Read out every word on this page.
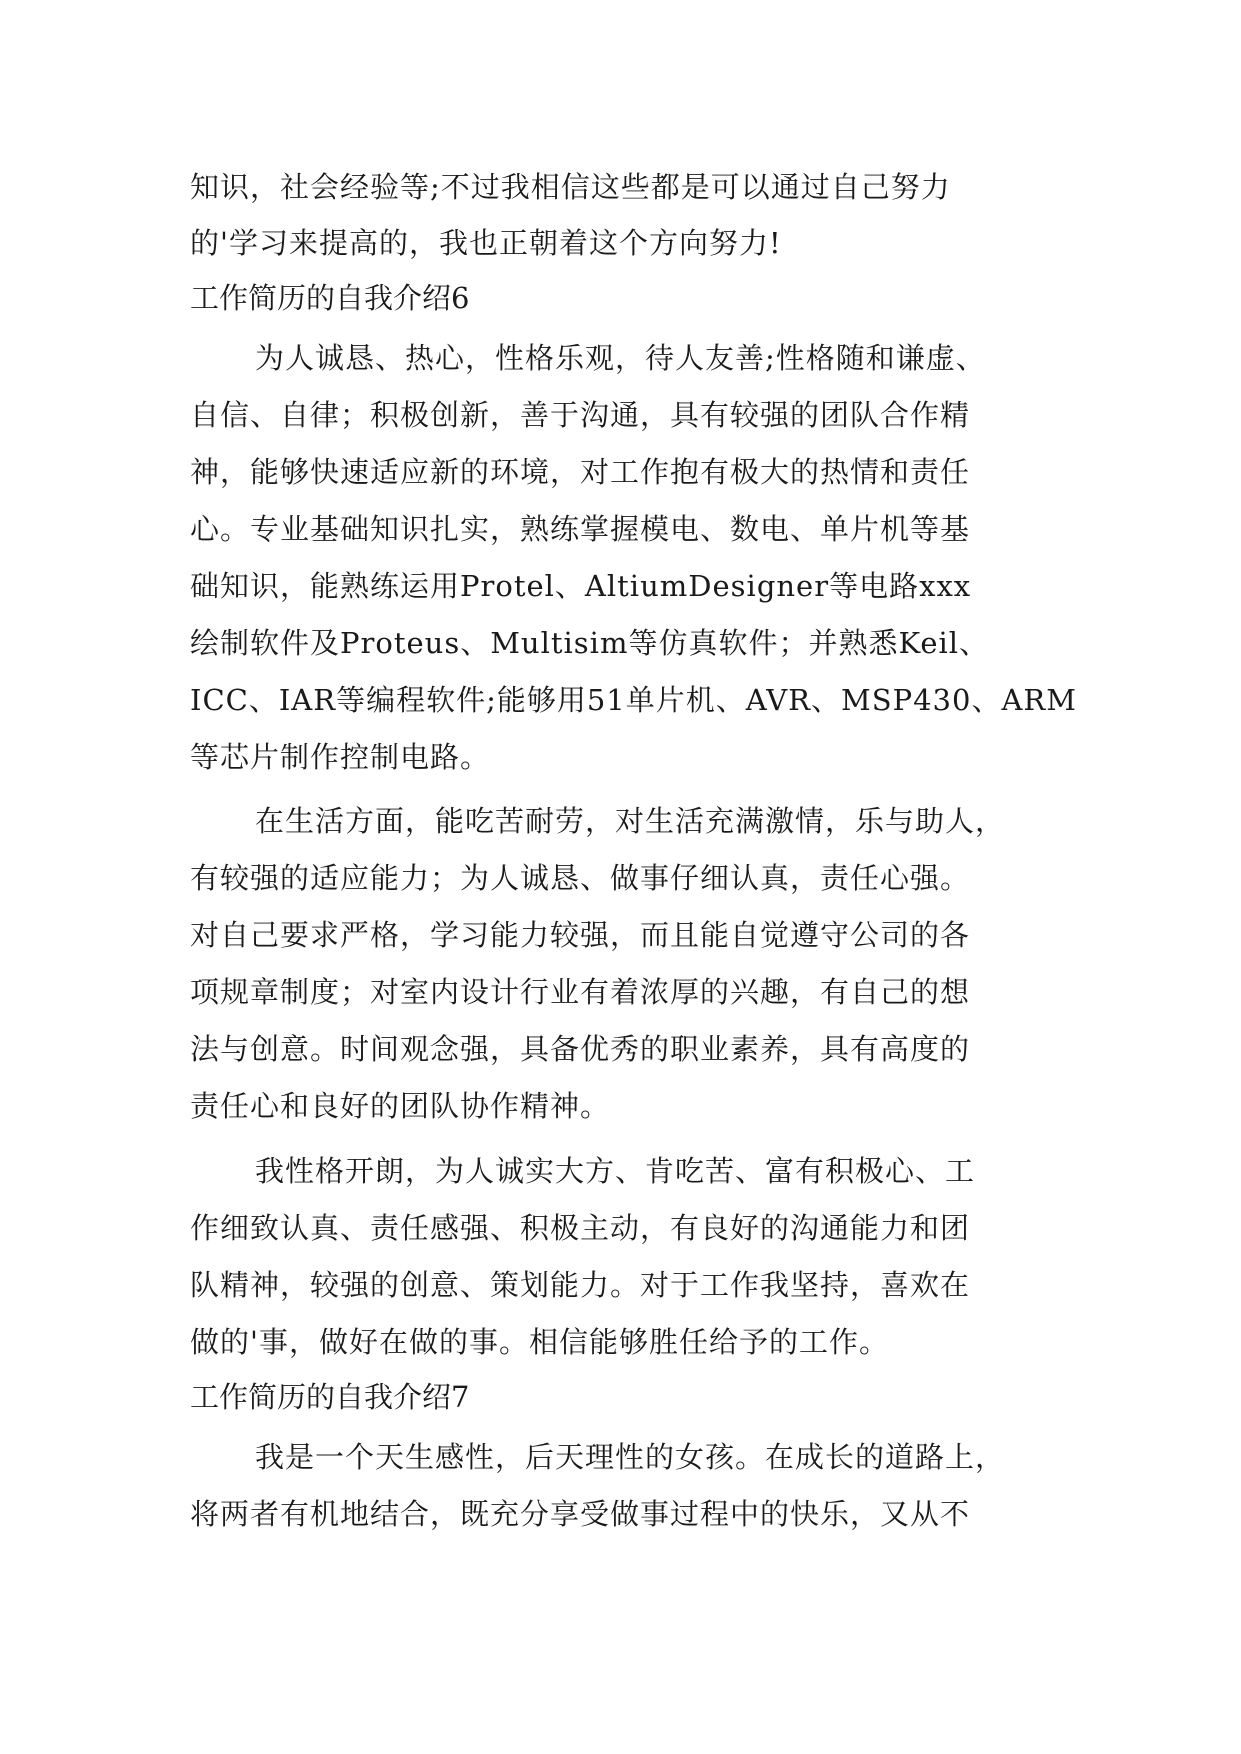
知识，社会经验等;不过我相信这些都是可以通过自己努力
的'学习来提高的，我也正朝着这个方向努力!
工作简历的自我介绍6
为人诚恳、热心，性格乐观，待人友善;性格随和谦虚、
自信、自律；积极创新，善于沟通，具有较强的团队合作精
神，能够快速适应新的环境，对工作抱有极大的热情和责任
心。专业基础知识扎实，熟练掌握模电、数电、单片机等基
础知识，能熟练运用Protel、AltiumDesigner等电路xxx
绘制软件及Proteus、Multisim等仿真软件；并熟悉Keil、
ICC、IAR等编程软件;能够用51单片机、AVR、MSP430、ARM
等芯片制作控制电路。
在生活方面，能吃苦耐劳，对生活充满激情，乐与助人，
有较强的适应能力；为人诚恳、做事仔细认真，责任心强。
对自己要求严格，学习能力较强，而且能自觉遵守公司的各
项规章制度；对室内设计行业有着浓厚的兴趣，有自己的想
法与创意。时间观念强，具备优秀的职业素养，具有高度的
责任心和良好的团队协作精神。
我性格开朗，为人诚实大方、肯吃苦、富有积极心、工
作细致认真、责任感强、积极主动，有良好的沟通能力和团
队精神，较强的创意、策划能力。对于工作我坚持，喜欢在
做的'事，做好在做的事。相信能够胜任给予的工作。
工作简历的自我介绍7
我是一个天生感性，后天理性的女孩。在成长的道路上，
将两者有机地结合，既充分享受做事过程中的快乐，又从不
